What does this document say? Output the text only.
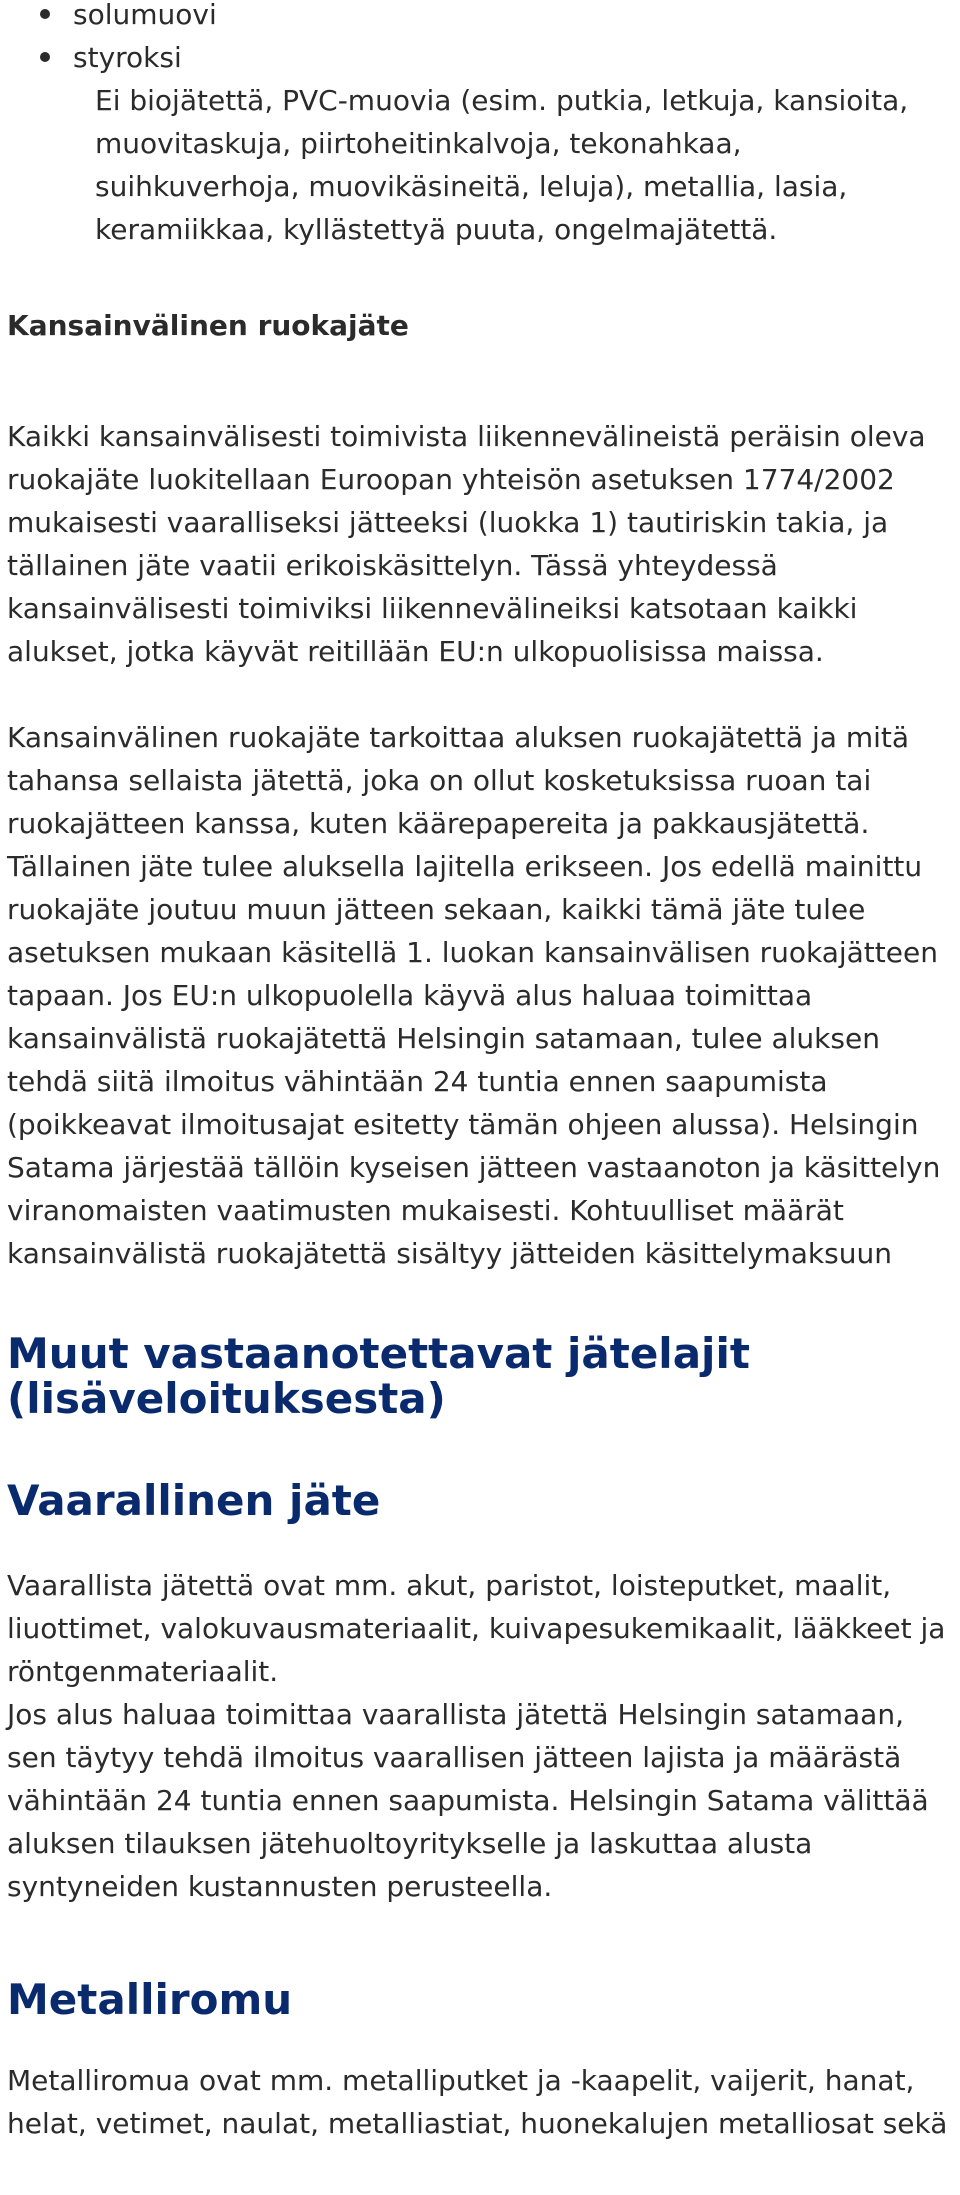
solumuovi
styroksi

Ei biojätettä, PVC-muovia (esim. putkia, letkuja, kansioita, muovitaskuja, piirtoheitinkalvoja, tekonahkaa, suihkuverhoja, muovikäsineitä, leluja), metallia, lasia, keramiikkaa, kyllästettyä puuta, ongelmajätettä.

Kansainvälinen ruokajäte

Kaikki kansainvälisesti toimivista liikennevälineistä peräisin oleva ruokajäte luokitellaan Euroopan yhteisön asetuksen 1774/2002 mukaisesti vaaralliseksi jätteeksi (luokka 1) tautiriskin takia, ja tällainen jäte vaatii erikoiskäsittelyn. Tässä yhteydessä kansainvälisesti toimiviksi liikennevälineiksi katsotaan kaikki alukset, jotka käyvät reitillään EU:n ulkopuolisissa maissa.

Kansainvälinen ruokajäte tarkoittaa aluksen ruokajätettä ja mitä tahansa sellaista jätettä, joka on ollut kosketuksissa ruoan tai ruokajätteen kanssa, kuten käärepapereita ja pakkausjätettä. Tällainen jäte tulee aluksella lajitella erikseen. Jos edellä mainittu ruokajäte joutuu muun jätteen sekaan, kaikki tämä jäte tulee asetuksen mukaan käsitellä 1. luokan kansainvälisen ruokajätteen tapaan. Jos EU:n ulkopuolella käyvä alus haluaa toimittaa kansainvälistä ruokajätettä Helsingin satamaan, tulee aluksen tehdä siitä ilmoitus vähintään 24 tuntia ennen saapumista (poikkeavat ilmoitusajat esitetty tämän ohjeen alussa). Helsingin Satama järjestää tällöin kyseisen jätteen vastaanoton ja käsittelyn viranomaisten vaatimusten mukaisesti. Kohtuulliset määrät kansainvälistä ruokajätettä sisältyy jätteiden käsittelymaksuun

Muut vastaanotettavat jätelajit
(lisäveloituksesta)
Vaarallinen jäte

Vaarallista jätettä ovat mm. akut, paristot, loisteputket, maalit, liuottimet, valokuvausmateriaalit, kuivapesukemikaalit, lääkkeet ja röntgenmateriaalit.

Jos alus haluaa toimittaa vaarallista jätettä Helsingin satamaan, sen täytyy tehdä ilmoitus vaarallisen jätteen lajista ja määrästä vähintään 24 tuntia ennen saapumista. Helsingin Satama välittää aluksen tilauksen jätehuoltoyritykselle ja laskuttaa alusta syntyneiden kustannusten perusteella.

Metalliromu

Metalliromua ovat mm. metalliputket ja -kaapelit, vaijerit, hanat, helat, vetimet, naulat, metalliastiat, huonekalujen metalliosat sekä
